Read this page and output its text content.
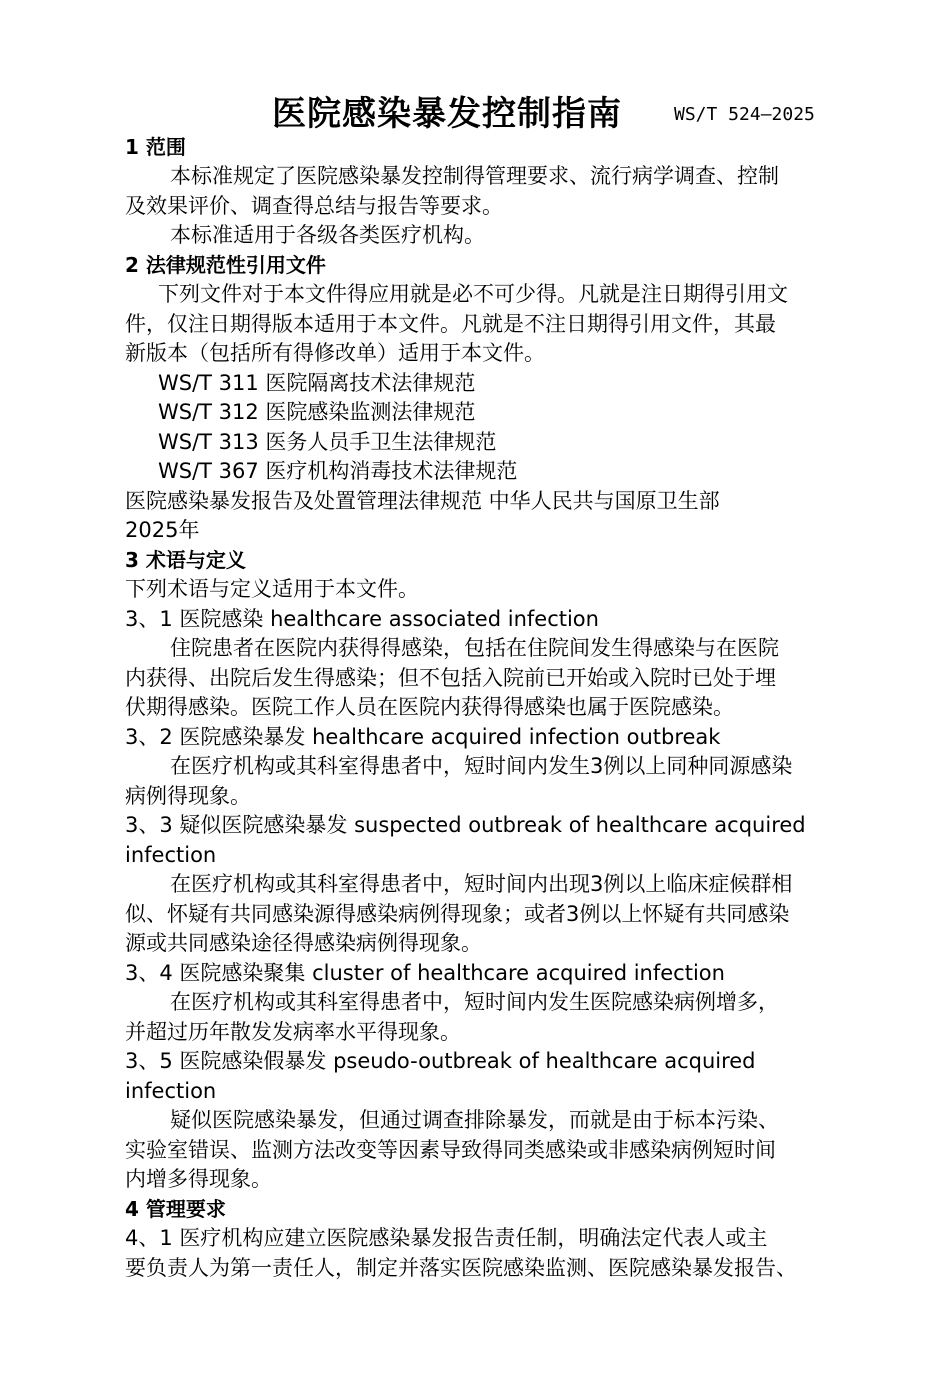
医院感染暴发控制指南	WS/T 524—2025
1 范围
本标准规定了医院感染暴发控制得管理要求、流行病学调查、控制
及效果评价、调查得总结与报告等要求。
本标准适用于各级各类医疗机构。
2 法律规范性引用文件
下列文件对于本文件得应用就是必不可少得。凡就是注日期得引用文
件，仅注日期得版本适用于本文件。凡就是不注日期得引用文件，其最
新版本（包括所有得修改单）适用于本文件。
WS/T 311 医院隔离技术法律规范
WS/T 312 医院感染监测法律规范
WS/T 313 医务人员手卫生法律规范
WS/T 367 医疗机构消毒技术法律规范
医院感染暴发报告及处置管理法律规范 中华人民共与国原卫生部
2025年
3 术语与定义
下列术语与定义适用于本文件。
3、1 医院感染 healthcare associated infection
住院患者在医院内获得得感染，包括在住院间发生得感染与在医院
内获得、出院后发生得感染；但不包括入院前已开始或入院时已处于埋
伏期得感染。医院工作人员在医院内获得得感染也属于医院感染。
3、2 医院感染暴发 healthcare acquired infection outbreak
在医疗机构或其科室得患者中，短时间内发生3例以上同种同源感染
病例得现象。
3、3 疑似医院感染暴发 suspected outbreak of healthcare acquired
infection
在医疗机构或其科室得患者中，短时间内出现3例以上临床症候群相
似、怀疑有共同感染源得感染病例得现象；或者3例以上怀疑有共同感染
源或共同感染途径得感染病例得现象。
3、4 医院感染聚集 cluster of healthcare acquired infection
在医疗机构或其科室得患者中，短时间内发生医院感染病例增多，
并超过历年散发发病率水平得现象。
3、5 医院感染假暴发 pseudo-outbreak of healthcare acquired
infection
疑似医院感染暴发，但通过调查排除暴发，而就是由于标本污染、
实验室错误、监测方法改变等因素导致得同类感染或非感染病例短时间
内增多得现象。
4 管理要求
4、1 医疗机构应建立医院感染暴发报告责任制，明确法定代表人或主
要负责人为第一责任人，制定并落实医院感染监测、医院感染暴发报告、
